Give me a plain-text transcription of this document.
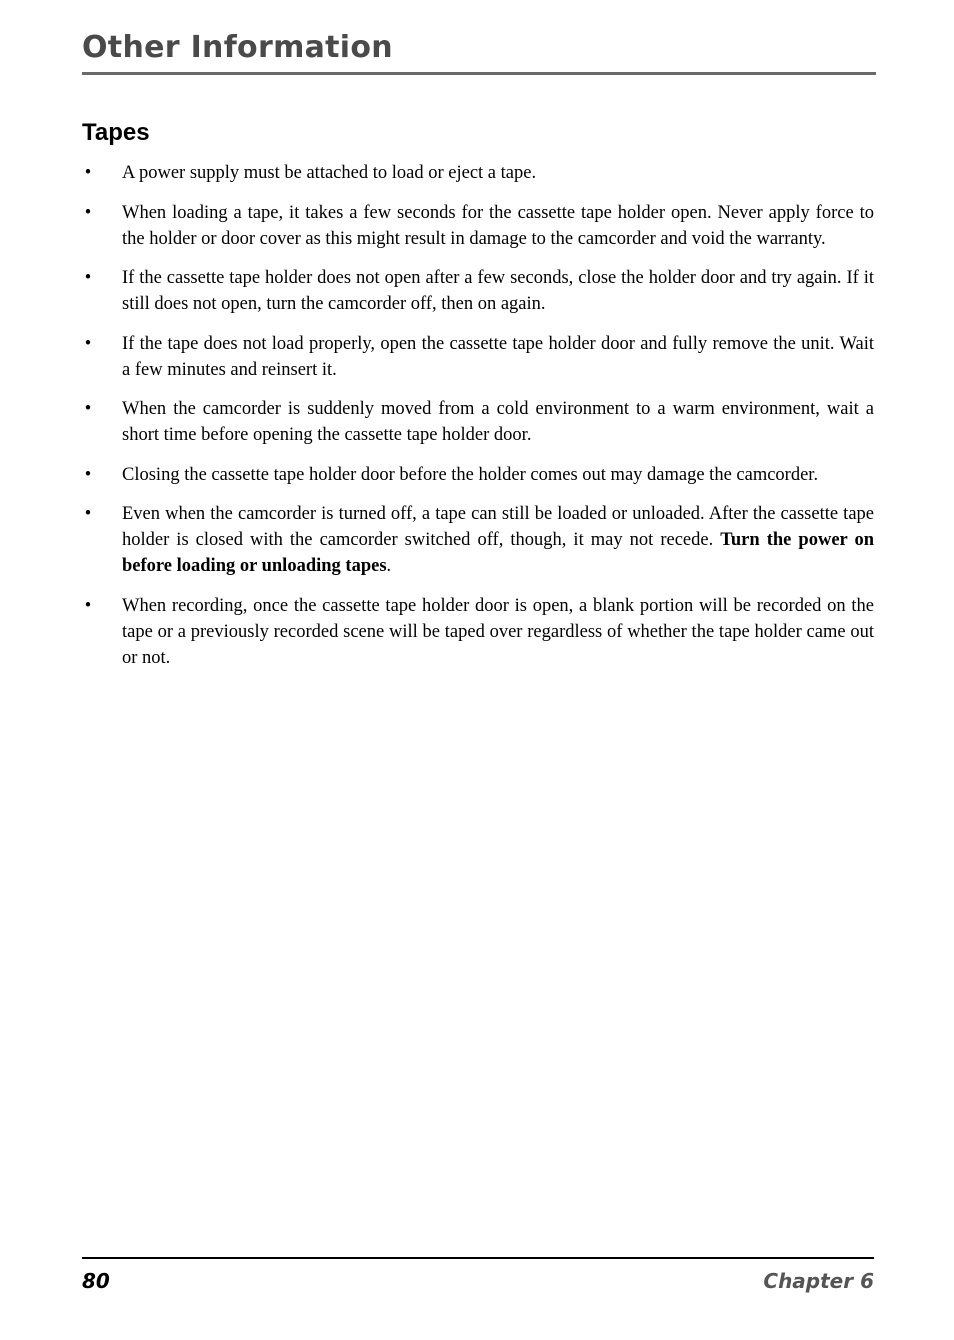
Other Information
Tapes
• A power supply must be attached to load or eject a tape.
• When loading a tape, it takes a few seconds for the cassette tape holder open. Never apply force to the holder or door cover as this might result in damage to the camcorder and void the warranty.
• If the cassette tape holder does not open after a few seconds, close the holder door and try again. If it still does not open, turn the camcorder off, then on again.
• If the tape does not load properly, open the cassette tape holder door and fully remove the unit. Wait a few minutes and reinsert it.
• When the camcorder is suddenly moved from a cold environment to a warm environment, wait a short time before opening the cassette tape holder door.
• Closing the cassette tape holder door before the holder comes out may damage the camcorder.
• Even when the camcorder is turned off, a tape can still be loaded or unloaded. After the cassette tape holder is closed with the camcorder switched off, though, it may not recede. Turn the power on before loading or unloading tapes.
• When recording, once the cassette tape holder door is open, a blank portion will be recorded on the tape or a previously recorded scene will be taped over regardless of whether the tape holder came out or not.
80	Chapter 6
